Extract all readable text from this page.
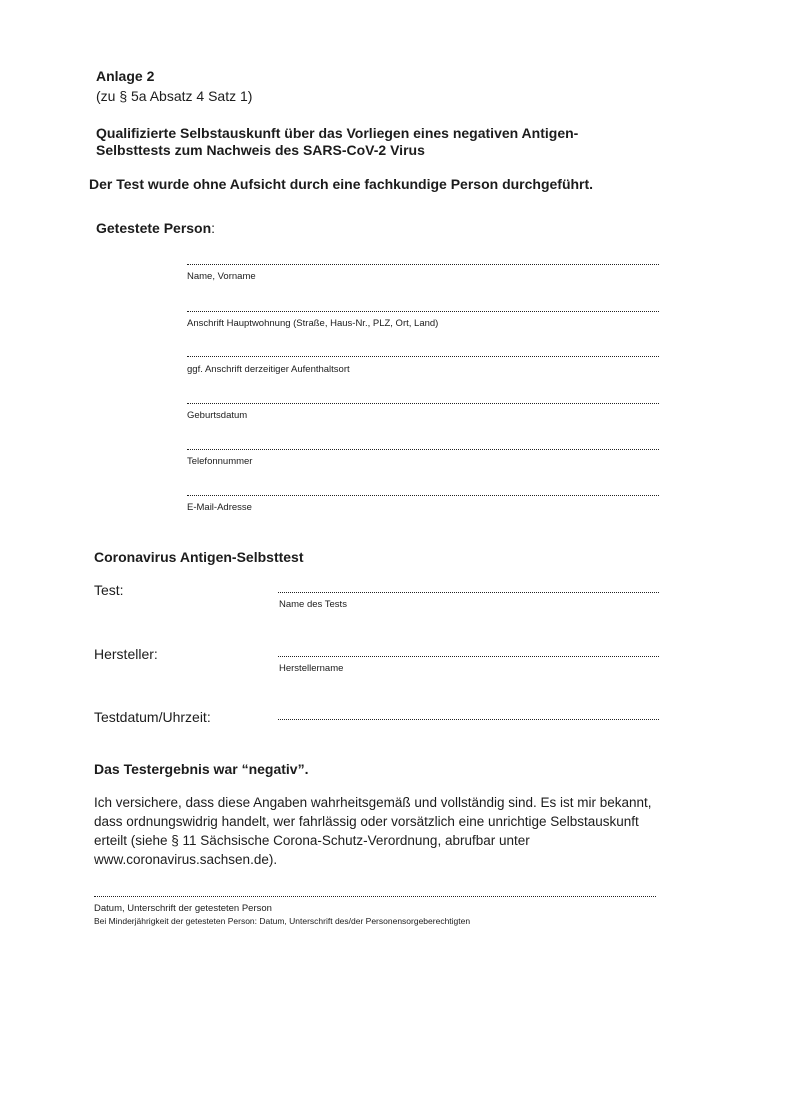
Anlage 2
(zu § 5a Absatz 4 Satz 1)
Qualifizierte Selbstauskunft über das Vorliegen eines negativen Antigen-
Selbsttests zum Nachweis des SARS-CoV-2 Virus
Der Test wurde ohne Aufsicht durch eine fachkundige Person durchgeführt.
Getestete Person:
Name, Vorname
Anschrift Hauptwohnung (Straße, Haus-Nr., PLZ, Ort, Land)
ggf. Anschrift derzeitiger Aufenthaltsort
Geburtsdatum
Telefonnummer
E-Mail-Adresse
Coronavirus Antigen-Selbsttest
Test:
Name des Tests
Hersteller:
Herstellername
Testdatum/Uhrzeit:
Das Testergebnis war “negativ”.
Ich versichere, dass diese Angaben wahrheitsgemäß und vollständig sind. Es ist mir bekannt, dass ordnungswidrig handelt, wer fahrlässig oder vorsätzlich eine unrichtige Selbstauskunft erteilt (siehe § 11 Sächsische Corona-Schutz-Verordnung, abrufbar unter www.coronavirus.sachsen.de).
Datum, Unterschrift der getesteten Person
Bei Minderjährigkeit der getesteten Person: Datum, Unterschrift des/der Personensorgeberechtigten
